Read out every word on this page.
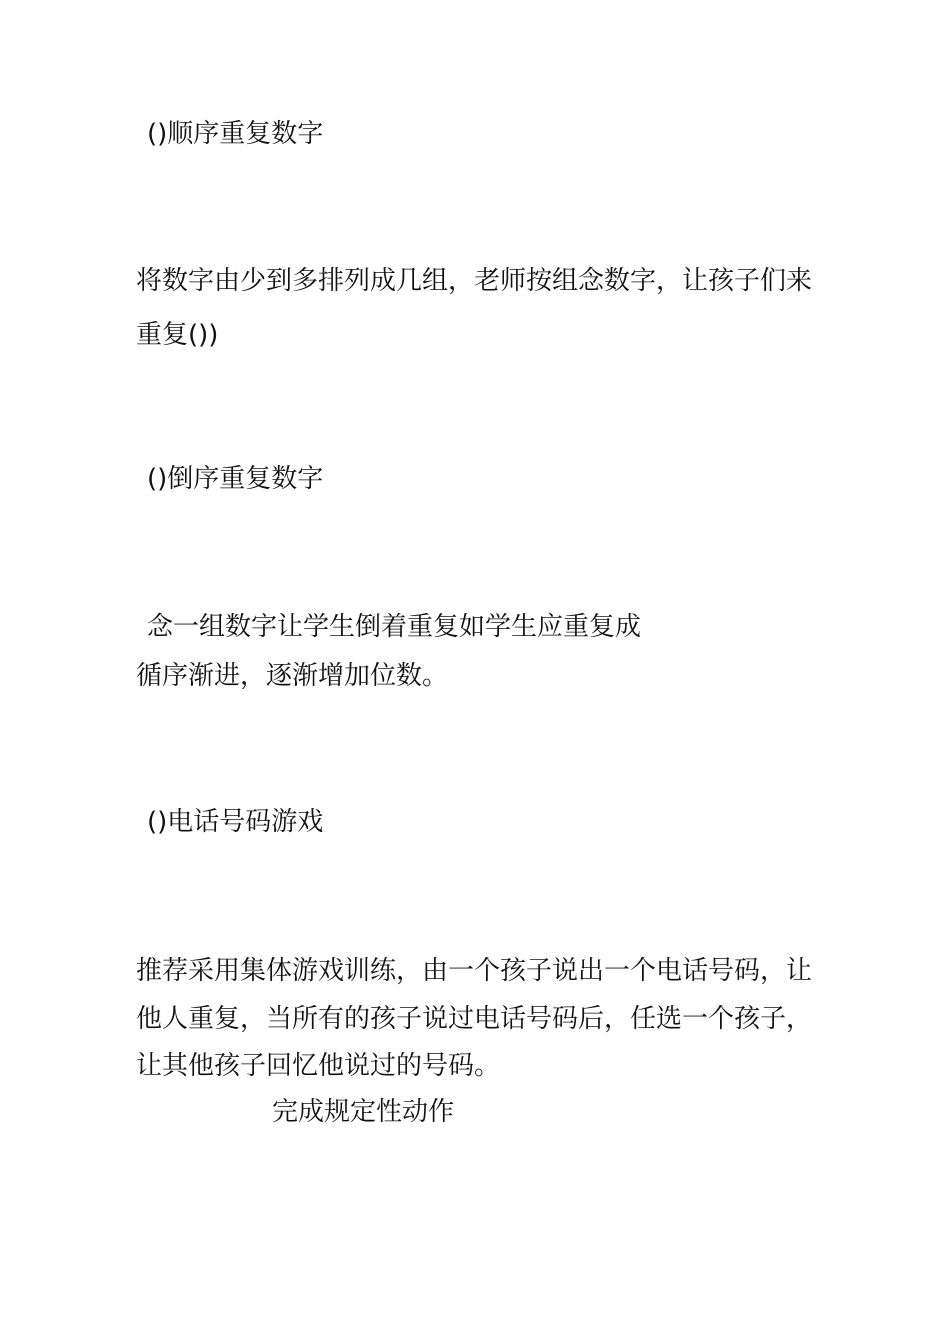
()顺序重复数字
将数字由少到多排列成几组，老师按组念数字，让孩子们来
重复())
()倒序重复数字
念一组数字让学生倒着重复如学生应重复成
循序渐进，逐渐增加位数。
()电话号码游戏
推荐采用集体游戏训练，由一个孩子说出一个电话号码，让
他人重复，当所有的孩子说过电话号码后，任选一个孩子，
让其他孩子回忆他说过的号码。
完成规定性动作
